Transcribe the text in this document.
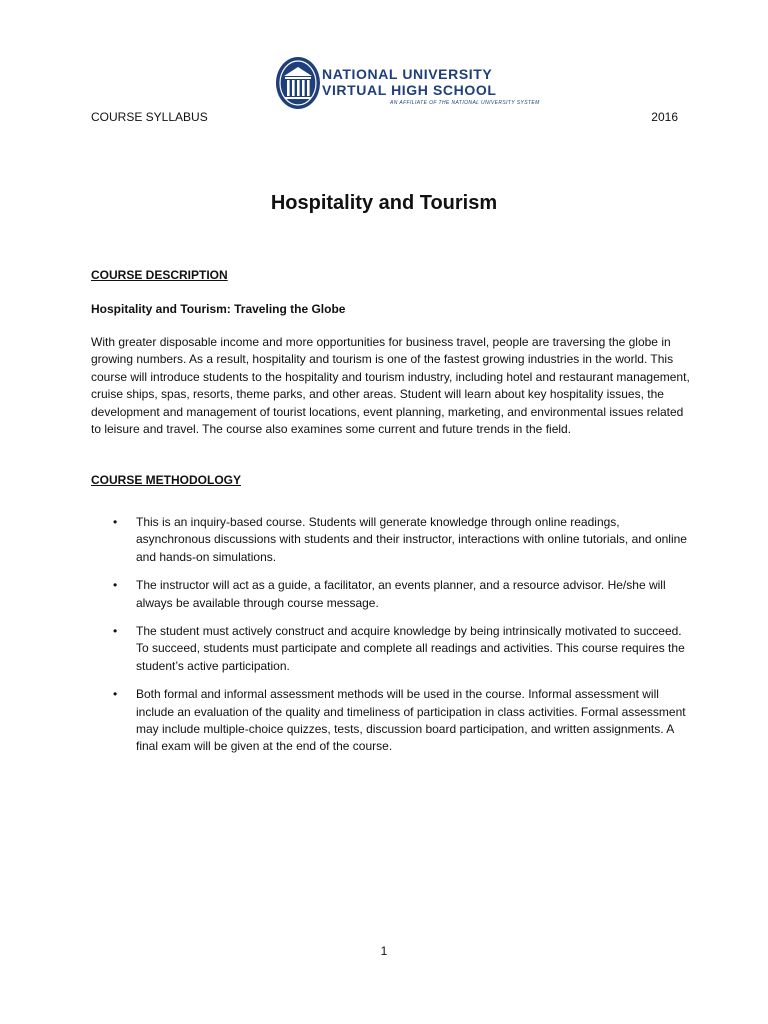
NATIONAL UNIVERSITY
VIRTUAL HIGH SCHOOL
AN AFFILIATE OF THE NATIONAL UNIVERSITY SYSTEM
COURSE SYLLABUS	2016
Hospitality and Tourism
COURSE DESCRIPTION
Hospitality and Tourism: Traveling the Globe
With greater disposable income and more opportunities for business travel, people are traversing the globe in growing numbers. As a result, hospitality and tourism is one of the fastest growing industries in the world. This course will introduce students to the hospitality and tourism industry, including hotel and restaurant management, cruise ships, spas, resorts, theme parks, and other areas. Student will learn about key hospitality issues, the development and management of tourist locations, event planning, marketing, and environmental issues related to leisure and travel. The course also examines some current and future trends in the field.
COURSE METHODOLOGY
• This is an inquiry-based course. Students will generate knowledge through online readings, asynchronous discussions with students and their instructor, interactions with online tutorials, and online and hands-on simulations.
• The instructor will act as a guide, a facilitator, an events planner, and a resource advisor. He/she will always be available through course message.
• The student must actively construct and acquire knowledge by being intrinsically motivated to succeed. To succeed, students must participate and complete all readings and activities. This course requires the student’s active participation.
• Both formal and informal assessment methods will be used in the course. Informal assessment will include an evaluation of the quality and timeliness of participation in class activities. Formal assessment may include multiple-choice quizzes, tests, discussion board participation, and written assignments. A final exam will be given at the end of the course.
1
